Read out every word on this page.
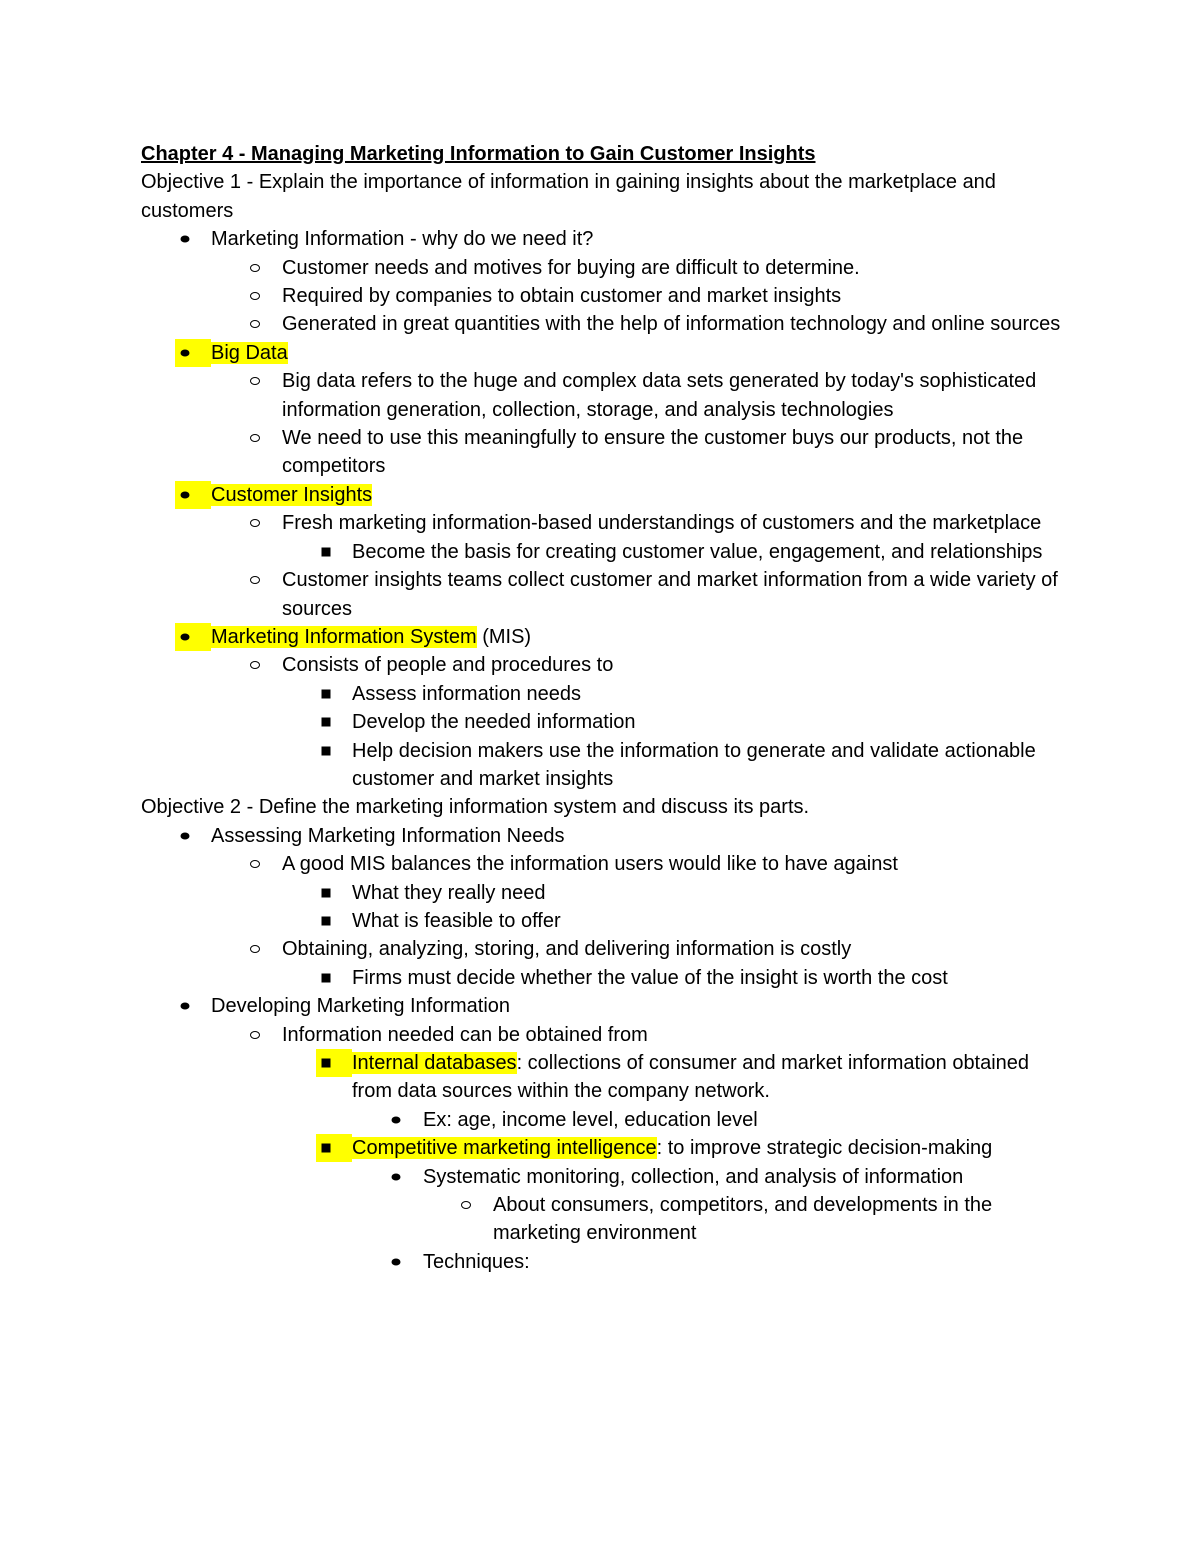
Chapter 4 - Managing Marketing Information to Gain Customer Insights

Objective 1 - Explain the importance of information in gaining insights about the marketplace and customers

Marketing Information - why do we need it?
Customer needs and motives for buying are difficult to determine.
Required by companies to obtain customer and market insights
Generated in great quantities with the help of information technology and online sources
Big Data
Big data refers to the huge and complex data sets generated by today's sophisticated information generation, collection, storage, and analysis technologies
We need to use this meaningfully to ensure the customer buys our products, not the competitors
Customer Insights
Fresh marketing information-based understandings of customers and the marketplace
Become the basis for creating customer value, engagement, and relationships
Customer insights teams collect customer and market information from a wide variety of sources
Marketing Information System (MIS)
Consists of people and procedures to
Assess information needs
Develop the needed information
Help decision makers use the information to generate and validate actionable customer and market insights

Objective 2 - Define the marketing information system and discuss its parts.

Assessing Marketing Information Needs
A good MIS balances the information users would like to have against
What they really need
What is feasible to offer
Obtaining, analyzing, storing, and delivering information is costly
Firms must decide whether the value of the insight is worth the cost
Developing Marketing Information
Information needed can be obtained from
Internal databases: collections of consumer and market information obtained from data sources within the company network.
Ex: age, income level, education level
Competitive marketing intelligence: to improve strategic decision-making
Systematic monitoring, collection, and analysis of information
About consumers, competitors, and developments in the marketing environment
Techniques:
